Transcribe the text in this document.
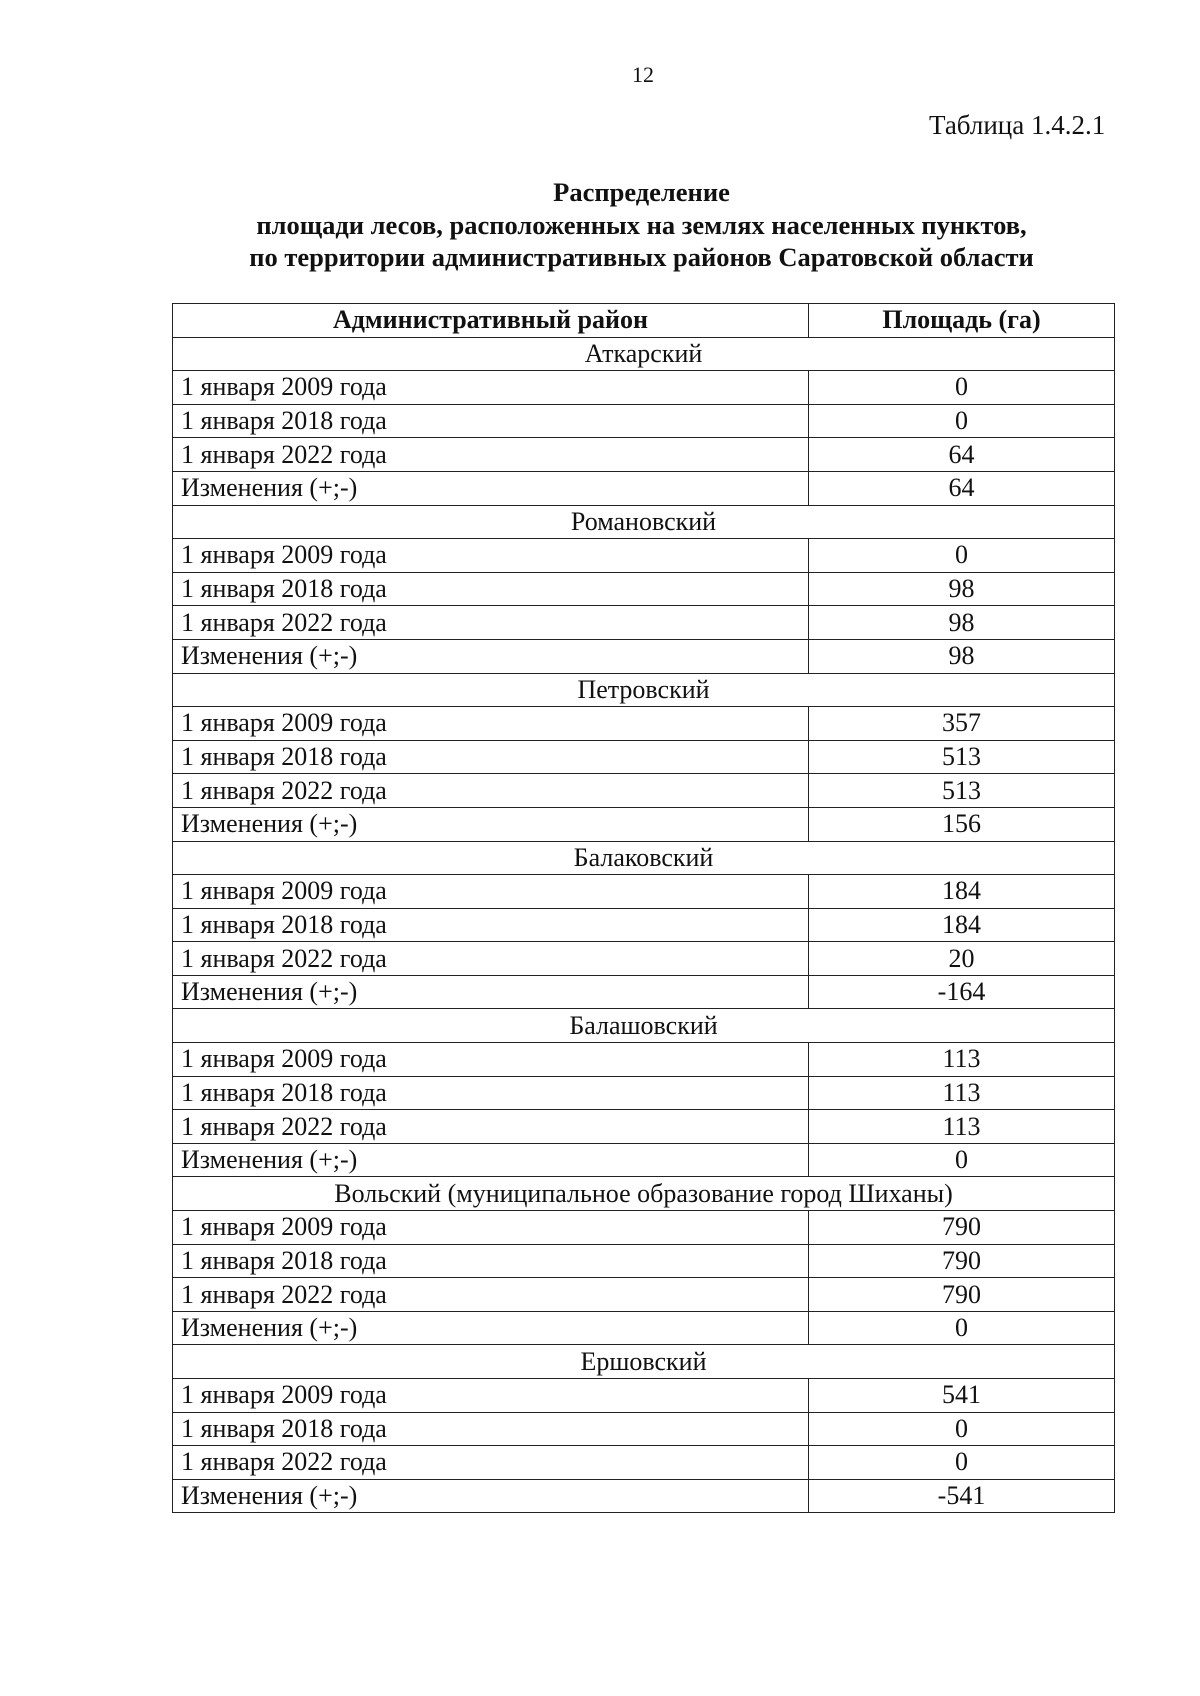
12
Таблица 1.4.2.1
Распределение
площади лесов, расположенных на землях населенных пунктов,
по территории административных районов Саратовской области
Административный район	Площадь (га)
Аткарский	
1 января 2009 года	0
1 января 2018 года	0
1 января 2022 года	64
Изменения (+;-)	64
Романовский	
1 января 2009 года	0
1 января 2018 года	98
1 января 2022 года	98
Изменения (+;-)	98
Петровский	
1 января 2009 года	357
1 января 2018 года	513
1 января 2022 года	513
Изменения (+;-)	156
Балаковский	
1 января 2009 года	184
1 января 2018 года	184
1 января 2022 года	20
Изменения (+;-)	-164
Балашовский	
1 января 2009 года	113
1 января 2018 года	113
1 января 2022 года	113
Изменения (+;-)	0
Вольский (муниципальное образование город Шиханы)	
1 января 2009 года	790
1 января 2018 года	790
1 января 2022 года	790
Изменения (+;-)	0
Ершовский	
1 января 2009 года	541
1 января 2018 года	0
1 января 2022 года	0
Изменения (+;-)	-541
